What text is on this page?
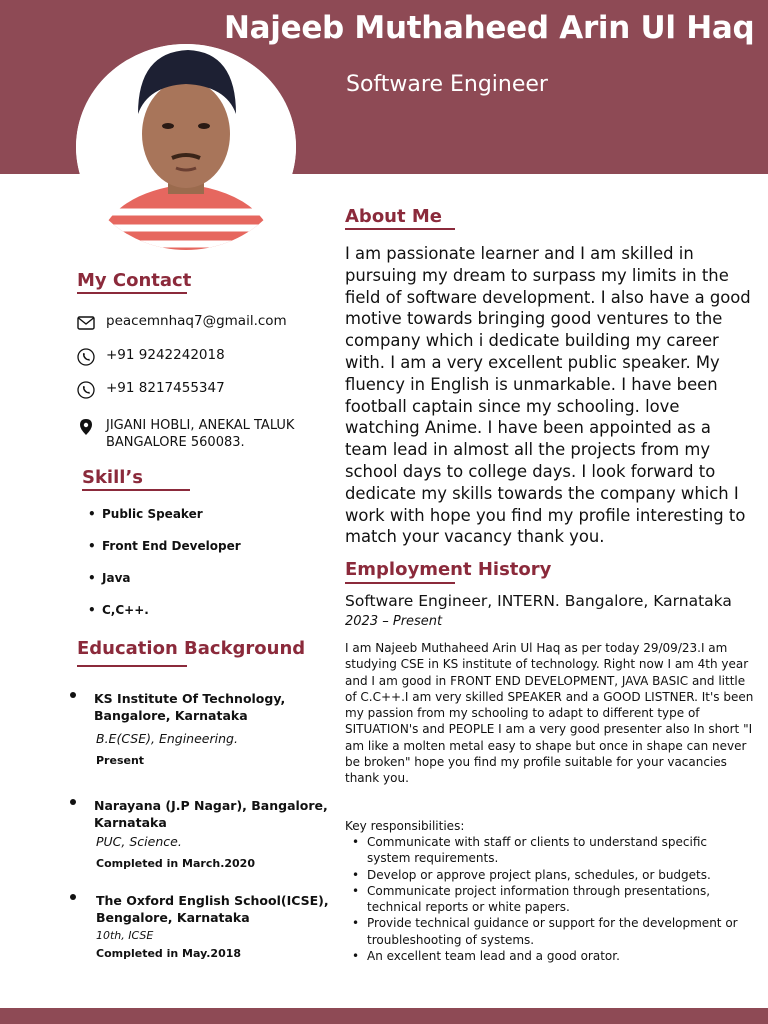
Najeeb Muthaheed Arin Ul Haq
Software Engineer
My Contact
peacemnhaq7@gmail.com
+91 9242242018
+91 8217455347
JIGANI HOBLI, ANEKAL TALUK BANGALORE 560083.
Skill’s
• Public Speaker
• Front End Developer
• Java
• C,C++.
Education Background
KS Institute Of Technology, Bangalore, Karnataka
B.E(CSE), Engineering.
Present
Narayana (J.P Nagar), Bangalore, Karnataka
PUC, Science.
Completed in March.2020
The Oxford English School(ICSE), Bengalore, Karnataka
10th, ICSE
Completed in May.2018
About Me
I am passionate learner and I am skilled in pursuing my dream to surpass my limits in the field of software development. I also have a good motive towards bringing good ventures to the company which i dedicate building my career with. I am a very excellent public speaker. My fluency in English is unmarkable. I have been football captain since my schooling. love watching Anime. I have been appointed as a team lead in almost all the projects from my school days to college days. I look forward to dedicate my skills towards the company which I work with hope you find my profile interesting to match your vacancy thank you.
Employment History
Software Engineer, INTERN. Bangalore, Karnataka
2023 – Present
I am Najeeb Muthaheed Arin Ul Haq as per today 29/09/23.I am studying CSE in KS institute of technology. Right now I am 4th year and I am good in FRONT END DEVELOPMENT, JAVA BASIC and little of C.C++.I am very skilled SPEAKER and a GOOD LISTNER. It's been my passion from my schooling to adapt to different type of SITUATION's and PEOPLE I am a very good presenter also In short "I am like a molten metal easy to shape but once in shape can never be broken" hope you find my profile suitable for your vacancies thank you.
Key responsibilities:
• Communicate with staff or clients to understand specific system requirements.
• Develop or approve project plans, schedules, or budgets.
• Communicate project information through presentations, technical reports or white papers.
• Provide technical guidance or support for the development or troubleshooting of systems.
• An excellent team lead and a good orator.
